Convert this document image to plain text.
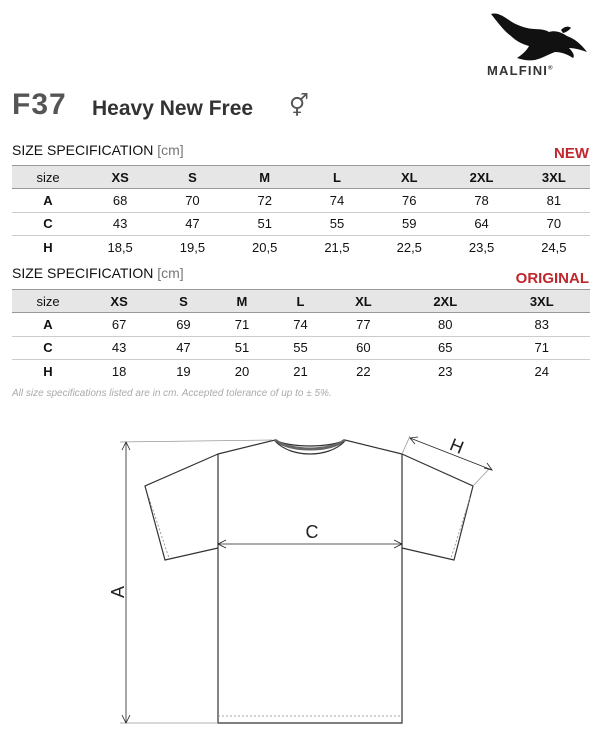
MALFINI®
F37 Heavy New Free ⚥
SIZE SPECIFICATION [cm]	NEW
size	XS	S	M	L	XL	2XL	3XL
A	68	70	72	74	76	78	81
C	43	47	51	55	59	64	70
H	18,5	19,5	20,5	21,5	22,5	23,5	24,5
SIZE SPECIFICATION [cm]	ORIGINAL
size	XS	S	M	L	XL	2XL	3XL
A	67	69	71	74	77	80	83
C	43	47	51	55	60	65	71
H	18	19	20	21	22	23	24
All size specifications listed are in cm. Accepted tolerance of up to ± 5%.
A
C
H
